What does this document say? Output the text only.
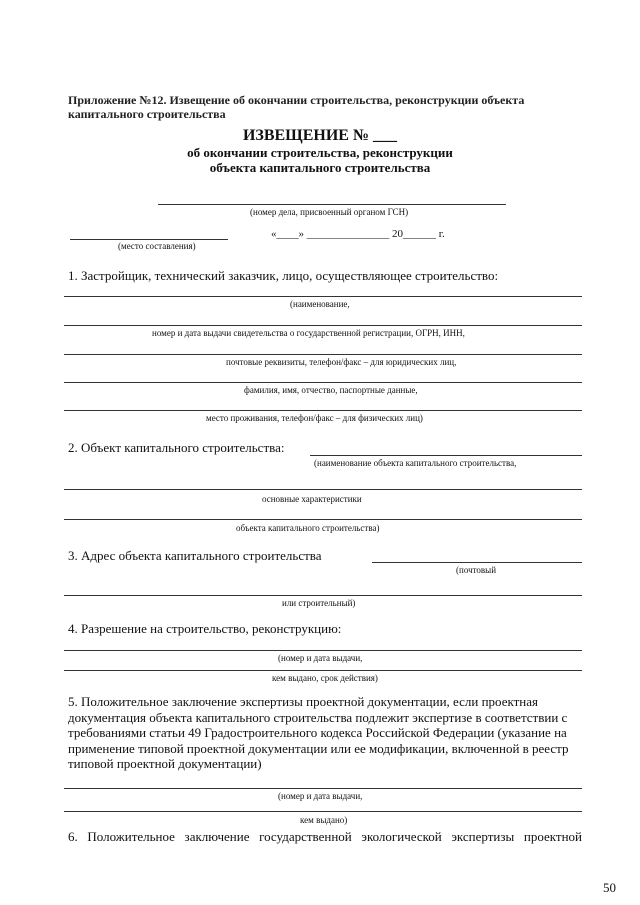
Приложение №12. Извещение об окончании строительства, реконструкции объекта капитального строительства
ИЗВЕЩЕНИЕ № ___
об окончании строительства, реконструкции
объекта капитального строительства
(номер дела, присвоенный органом ГСН)
(место составления)
«____» _______________ 20______ г.
1. Застройщик, технический заказчик, лицо, осуществляющее строительство:
(наименование,
номер и дата выдачи свидетельства о государственной регистрации, ОГРН, ИНН,
почтовые реквизиты, телефон/факс – для юридических лиц,
фамилия, имя, отчество, паспортные данные,
место проживания, телефон/факс – для физических лиц)
2. Объект капитального строительства:
(наименование объекта капитального строительства,
основные характеристики
объекта капитального строительства)
3. Адрес объекта капитального строительства
(почтовый
или строительный)
4. Разрешение на строительство, реконструкцию:
(номер и дата выдачи,
кем выдано, срок действия)
5. Положительное заключение экспертизы проектной документации, если проектная
документация объекта капитального строительства подлежит экспертизе в соответствии с
требованиями статьи 49 Градостроительного кодекса Российской Федерации (указание на
применение типовой проектной документации или ее модификации, включенной в реестр
типовой проектной документации)
(номер и дата выдачи,
кем выдано)
6. Положительное заключение государственной экологической экспертизы проектной
50
